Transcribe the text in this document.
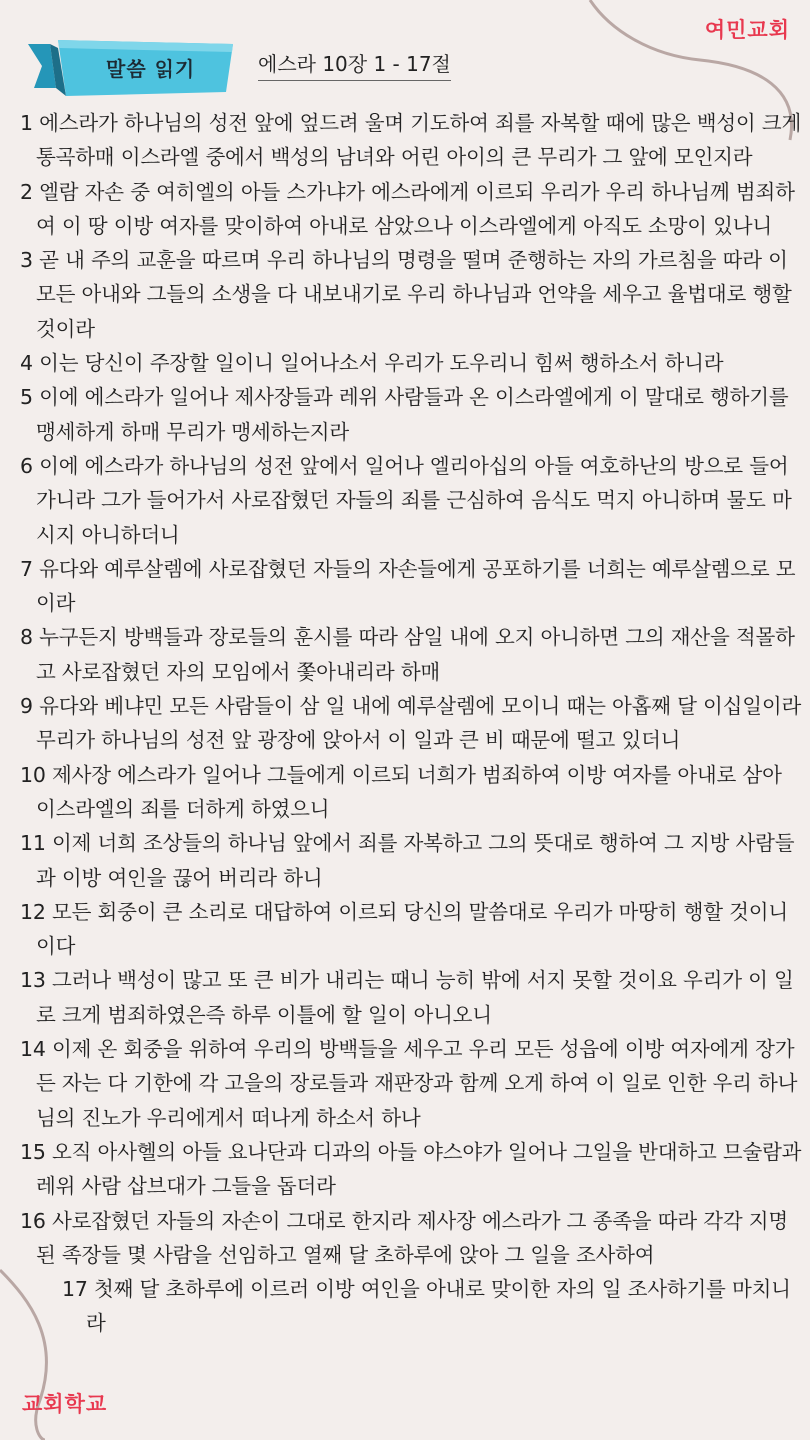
여민교회
말씀 읽기	에스라 10장 1 - 17절
1 에스라가 하나님의 성전 앞에 엎드려 울며 기도하여 죄를 자복할 때에 많은 백성이 크게 통곡하매 이스라엘 중에서 백성의 남녀와 어린 아이의 큰 무리가 그 앞에 모인지라
2 엘람 자손 중 여히엘의 아들 스가냐가 에스라에게 이르되 우리가 우리 하나님께 범죄하여 이 땅 이방 여자를 맞이하여 아내로 삼았으나 이스라엘에게 아직도 소망이 있나니
3 곧 내 주의 교훈을 따르며 우리 하나님의 명령을 떨며 준행하는 자의 가르침을 따라 이 모든 아내와 그들의 소생을 다 내보내기로 우리 하나님과 언약을 세우고 율법대로 행할 것이라
4 이는 당신이 주장할 일이니 일어나소서 우리가 도우리니 힘써 행하소서 하니라
5 이에 에스라가 일어나 제사장들과 레위 사람들과 온 이스라엘에게 이 말대로 행하기를 맹세하게 하매 무리가 맹세하는지라
6 이에 에스라가 하나님의 성전 앞에서 일어나 엘리아십의 아들 여호하난의 방으로 들어가니라 그가 들어가서 사로잡혔던 자들의 죄를 근심하여 음식도 먹지 아니하며 물도 마시지 아니하더니
7 유다와 예루살렘에 사로잡혔던 자들의 자손들에게 공포하기를 너희는 예루살렘으로 모이라
8 누구든지 방백들과 장로들의 훈시를 따라 삼일 내에 오지 아니하면 그의 재산을 적몰하고 사로잡혔던 자의 모임에서 쫓아내리라 하매
9 유다와 베냐민 모든 사람들이 삼 일 내에 예루살렘에 모이니 때는 아홉째 달 이십일이라 무리가 하나님의 성전 앞 광장에 앉아서 이 일과 큰 비 때문에 떨고 있더니
10 제사장 에스라가 일어나 그들에게 이르되 너희가 범죄하여 이방 여자를 아내로 삼아 이스라엘의 죄를 더하게 하였으니
11 이제 너희 조상들의 하나님 앞에서 죄를 자복하고 그의 뜻대로 행하여 그 지방 사람들과 이방 여인을 끊어 버리라 하니
12 모든 회중이 큰 소리로 대답하여 이르되 당신의 말씀대로 우리가 마땅히 행할 것이니이다
13 그러나 백성이 많고 또 큰 비가 내리는 때니 능히 밖에 서지 못할 것이요 우리가 이 일로 크게 범죄하였은즉 하루 이틀에 할 일이 아니오니
14 이제 온 회중을 위하여 우리의 방백들을 세우고 우리 모든 성읍에 이방 여자에게 장가든 자는 다 기한에 각 고을의 장로들과 재판장과 함께 오게 하여 이 일로 인한 우리 하나님의 진노가 우리에게서 떠나게 하소서 하나
15 오직 아사헬의 아들 요나단과 디과의 아들 야스야가 일어나 그일을 반대하고 므술람과 레위 사람 삽브대가 그들을 돕더라
16 사로잡혔던 자들의 자손이 그대로 한지라 제사장 에스라가 그 종족을 따라 각각 지명된 족장들 몇 사람을 선임하고 열째 달 초하루에 앉아 그 일을 조사하여
17 첫째 달 초하루에 이르러 이방 여인을 아내로 맞이한 자의 일 조사하기를 마치니라
교회학교
